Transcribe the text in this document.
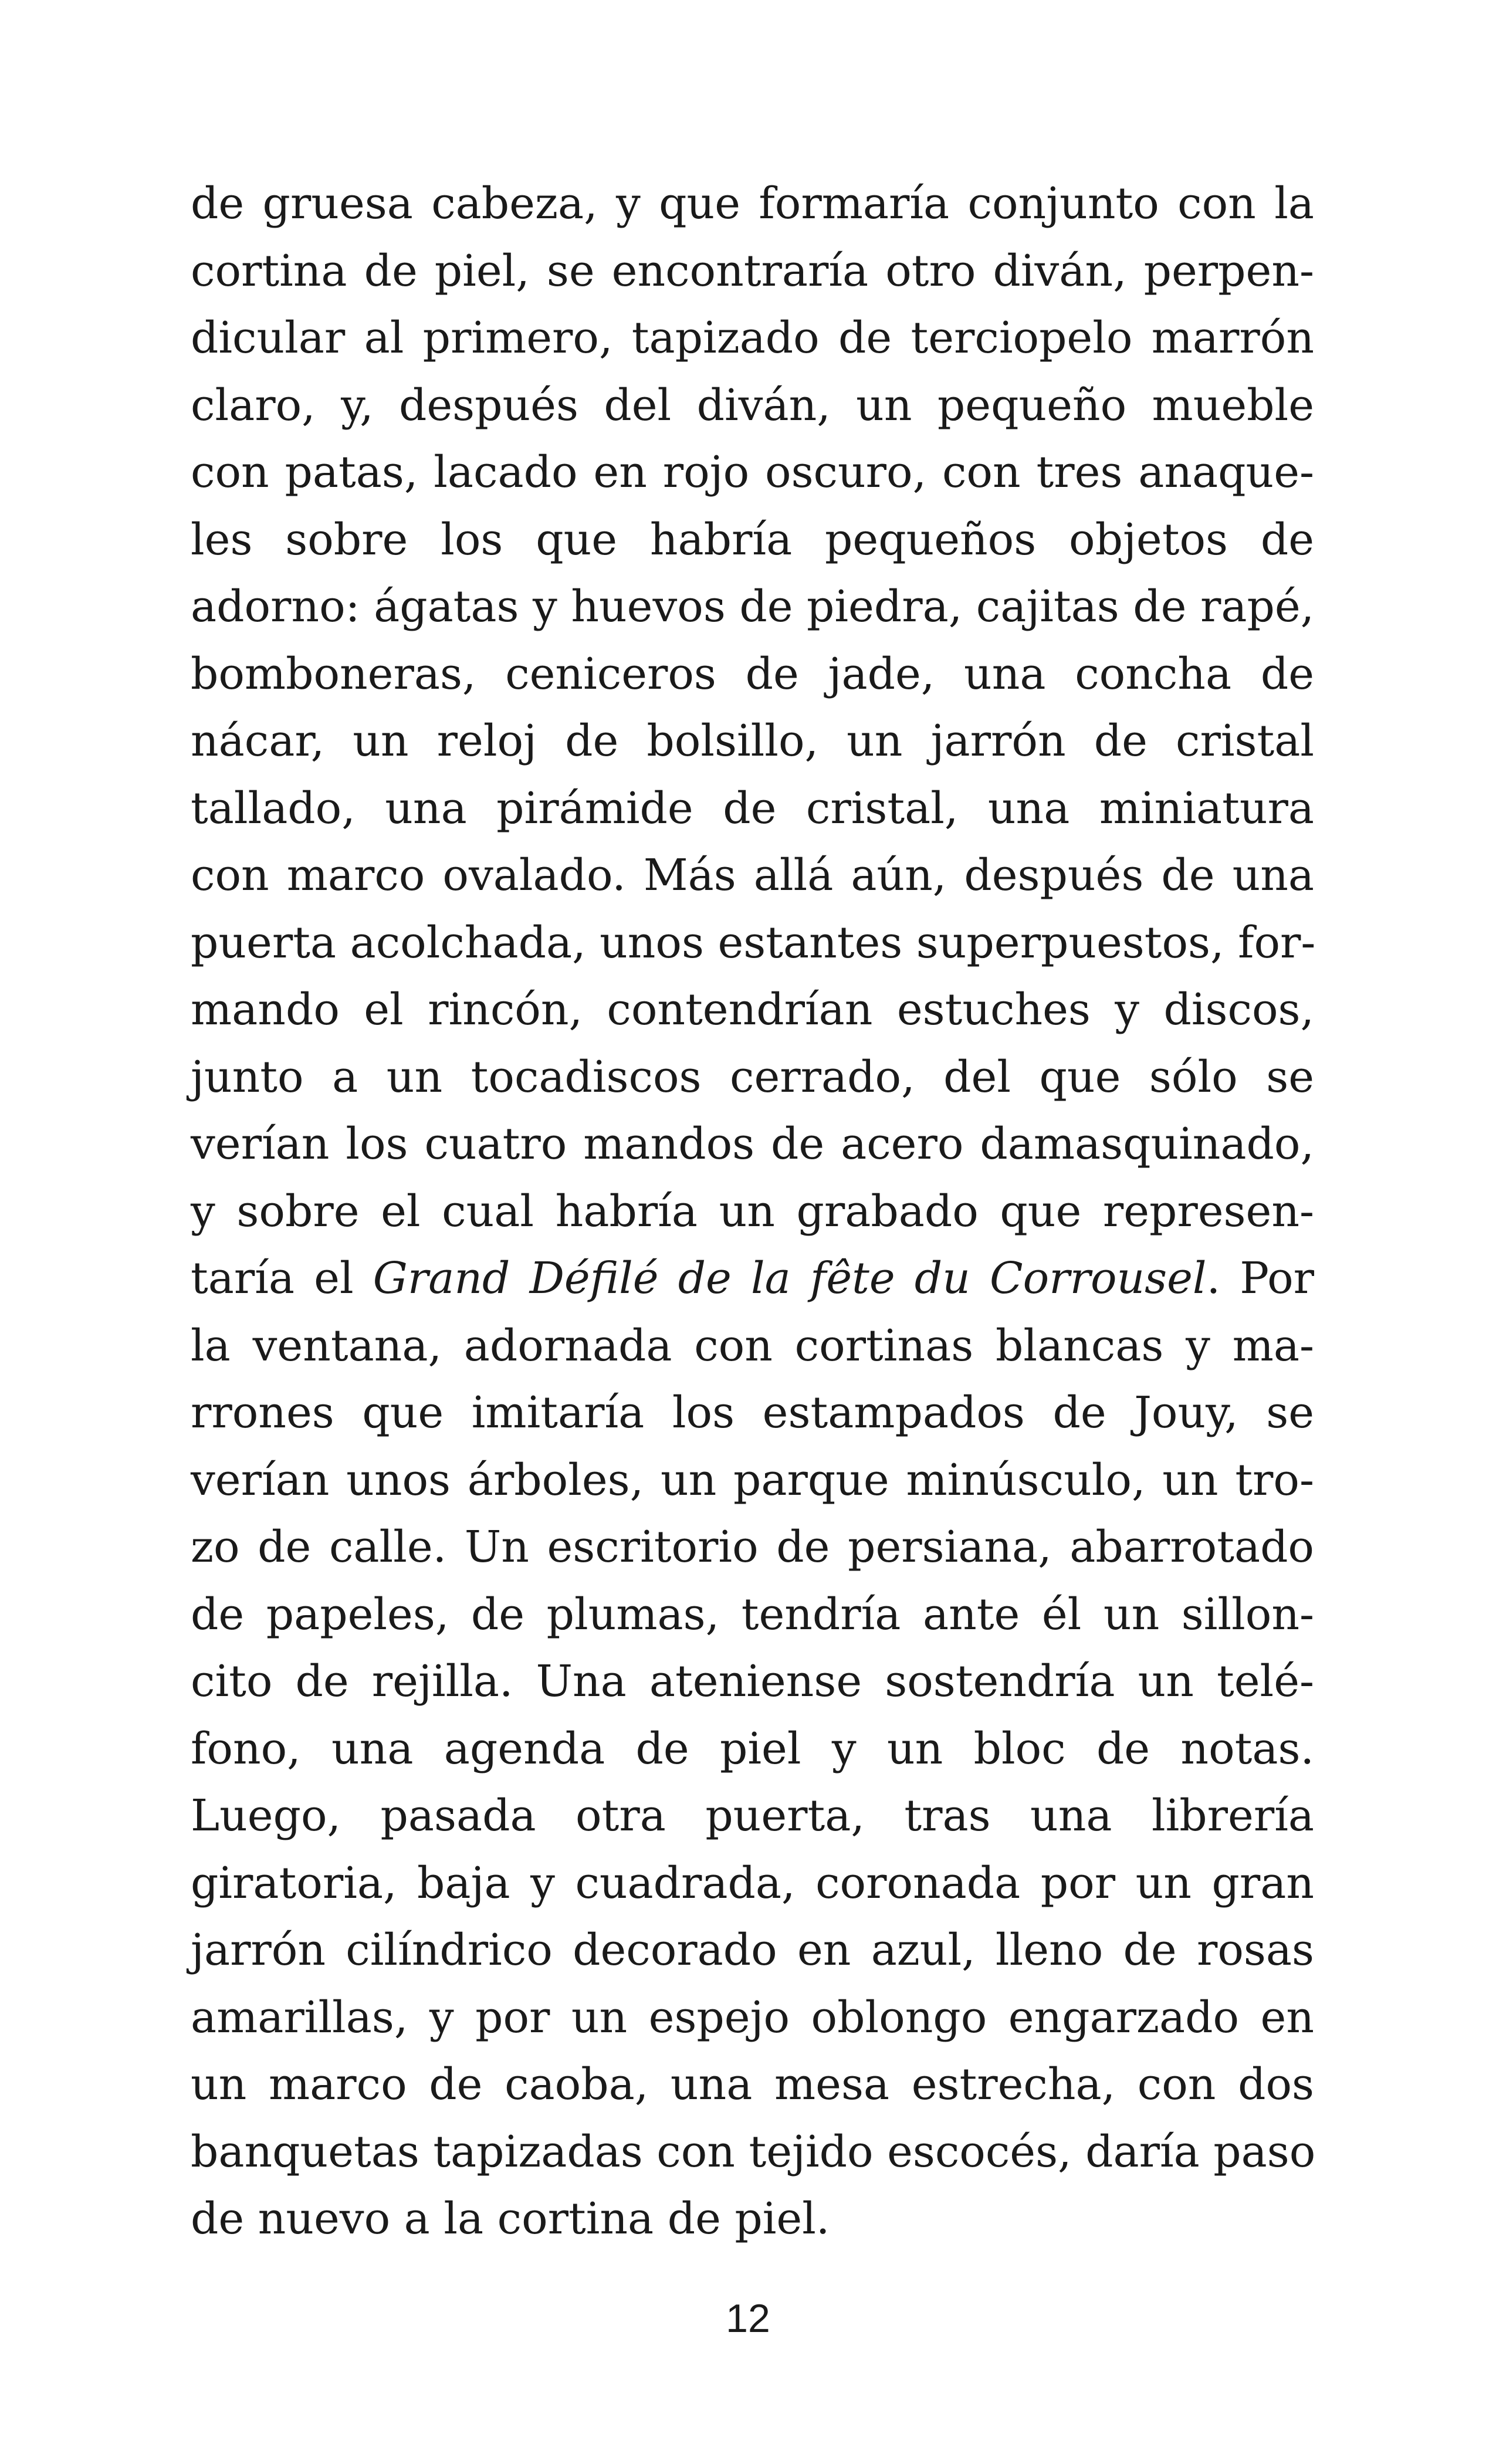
de gruesa cabeza, y que formaría conjunto con la
cortina de piel, se encontraría otro diván, perpen-
dicular al primero, tapizado de terciopelo marrón
claro, y, después del diván, un pequeño mueble
con patas, lacado en rojo oscuro, con tres anaque-
les sobre los que habría pequeños objetos de
adorno: ágatas y huevos de piedra, cajitas de rapé,
bomboneras, ceniceros de jade, una concha de
nácar, un reloj de bolsillo, un jarrón de cristal
tallado, una pirámide de cristal, una miniatura
con marco ovalado. Más allá aún, después de una
puerta acolchada, unos estantes superpuestos, for-
mando el rincón, contendrían estuches y discos,
junto a un tocadiscos cerrado, del que sólo se
verían los cuatro mandos de acero damasquinado,
y sobre el cual habría un grabado que represen-
taría el Grand Défilé de la fête du Corrousel. Por
la ventana, adornada con cortinas blancas y ma-
rrones que imitaría los estampados de Jouy, se
verían unos árboles, un parque minúsculo, un tro-
zo de calle. Un escritorio de persiana, abarrotado
de papeles, de plumas, tendría ante él un sillon-
cito de rejilla. Una ateniense sostendría un telé-
fono, una agenda de piel y un bloc de notas.
Luego, pasada otra puerta, tras una librería
giratoria, baja y cuadrada, coronada por un gran
jarrón cilíndrico decorado en azul, lleno de rosas
amarillas, y por un espejo oblongo engarzado en
un marco de caoba, una mesa estrecha, con dos
banquetas tapizadas con tejido escocés, daría paso
de nuevo a la cortina de piel.
12
